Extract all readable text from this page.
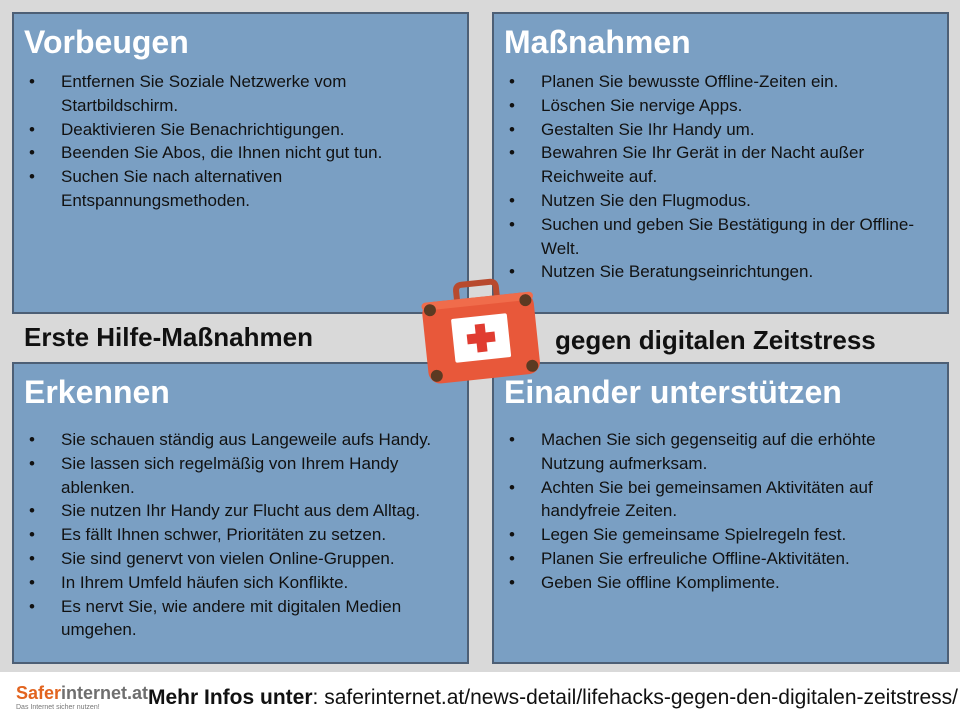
Vorbeugen
• Entfernen Sie Soziale Netzwerke vom Startbildschirm.
• Deaktivieren Sie Benachrichtigungen.
• Beenden Sie Abos, die Ihnen nicht gut tun.
• Suchen Sie nach alternativen Entspannungsmethoden.
Maßnahmen
• Planen Sie bewusste Offline-Zeiten ein.
• Löschen Sie nervige Apps.
• Gestalten Sie Ihr Handy um.
• Bewahren Sie Ihr Gerät in der Nacht außer Reichweite auf.
• Nutzen Sie den Flugmodus.
• Suchen und geben Sie Bestätigung in der Offline-Welt.
• Nutzen Sie Beratungseinrichtungen.
Erkennen
• Sie schauen ständig aus Langeweile aufs Handy.
• Sie lassen sich regelmäßig von Ihrem Handy ablenken.
• Sie nutzen Ihr Handy zur Flucht aus dem Alltag.
• Es fällt Ihnen schwer, Prioritäten zu setzen.
• Sie sind genervt von vielen Online-Gruppen.
• In Ihrem Umfeld häufen sich Konflikte.
• Es nervt Sie, wie andere mit digitalen Medien umgehen.
Einander unterstützen
• Machen Sie sich gegenseitig auf die erhöhte Nutzung aufmerksam.
• Achten Sie bei gemeinsamen Aktivitäten auf handyfreie Zeiten.
• Legen Sie gemeinsame Spielregeln fest.
• Planen Sie erfreuliche Offline-Aktivitäten.
• Geben Sie offline Komplimente.
Erste Hilfe-Maßnahmen	gegen digitalen Zeitstress
Saferinternet.at
Das Internet sicher nutzen!	Mehr Infos unter: saferinternet.at/news-detail/lifehacks-gegen-den-digitalen-zeitstress/
